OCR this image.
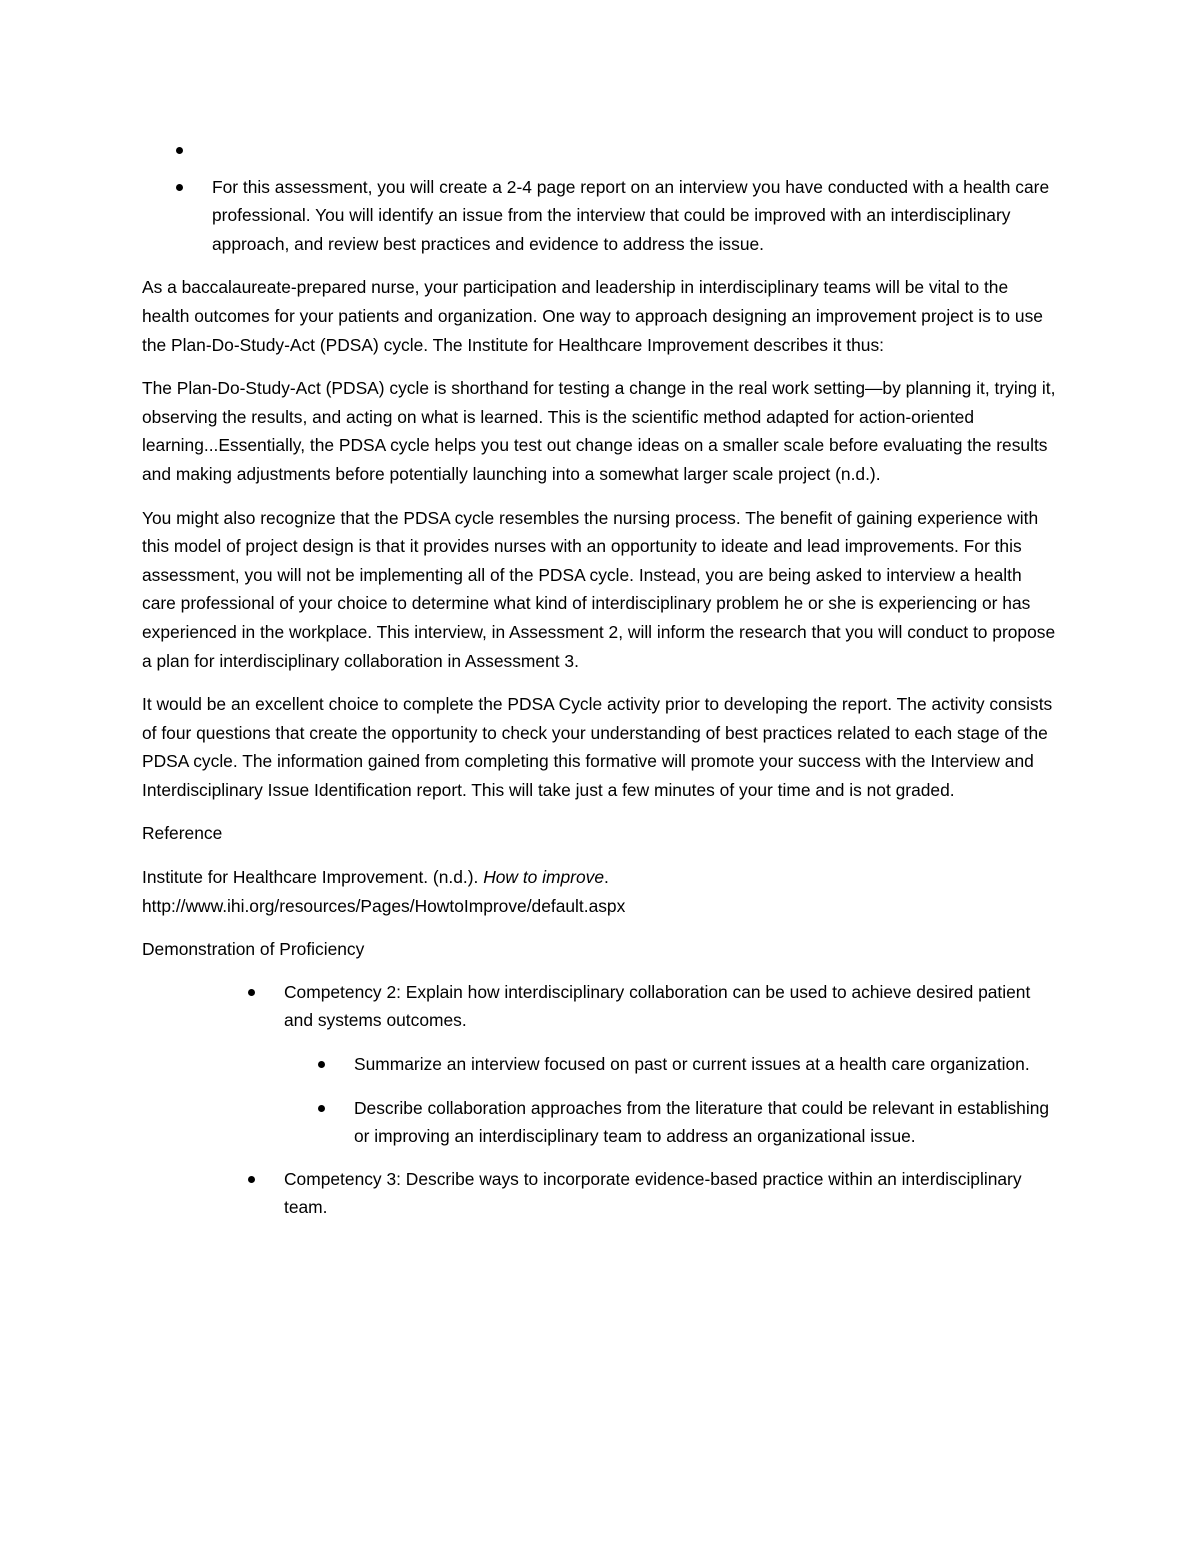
For this assessment, you will create a 2-4 page report on an interview you have conducted with a health care professional. You will identify an issue from the interview that could be improved with an interdisciplinary approach, and review best practices and evidence to address the issue.

As a baccalaureate-prepared nurse, your participation and leadership in interdisciplinary teams will be vital to the health outcomes for your patients and organization. One way to approach designing an improvement project is to use the Plan-Do-Study-Act (PDSA) cycle. The Institute for Healthcare Improvement describes it thus:

The Plan-Do-Study-Act (PDSA) cycle is shorthand for testing a change in the real work setting—by planning it, trying it, observing the results, and acting on what is learned. This is the scientific method adapted for action-oriented learning...Essentially, the PDSA cycle helps you test out change ideas on a smaller scale before evaluating the results and making adjustments before potentially launching into a somewhat larger scale project (n.d.).

You might also recognize that the PDSA cycle resembles the nursing process. The benefit of gaining experience with this model of project design is that it provides nurses with an opportunity to ideate and lead improvements. For this assessment, you will not be implementing all of the PDSA cycle. Instead, you are being asked to interview a health care professional of your choice to determine what kind of interdisciplinary problem he or she is experiencing or has experienced in the workplace. This interview, in Assessment 2, will inform the research that you will conduct to propose a plan for interdisciplinary collaboration in Assessment 3.

It would be an excellent choice to complete the PDSA Cycle activity prior to developing the report. The activity consists of four questions that create the opportunity to check your understanding of best practices related to each stage of the PDSA cycle. The information gained from completing this formative will promote your success with the Interview and Interdisciplinary Issue Identification report. This will take just a few minutes of your time and is not graded.

Reference

Institute for Healthcare Improvement. (n.d.). How to improve.
http://www.ihi.org/resources/Pages/HowtoImprove/default.aspx

Demonstration of Proficiency

Competency 2: Explain how interdisciplinary collaboration can be used to achieve desired patient and systems outcomes.
Summarize an interview focused on past or current issues at a health care organization.
Describe collaboration approaches from the literature that could be relevant in establishing or improving an interdisciplinary team to address an organizational issue.
Competency 3: Describe ways to incorporate evidence-based practice within an interdisciplinary team.
